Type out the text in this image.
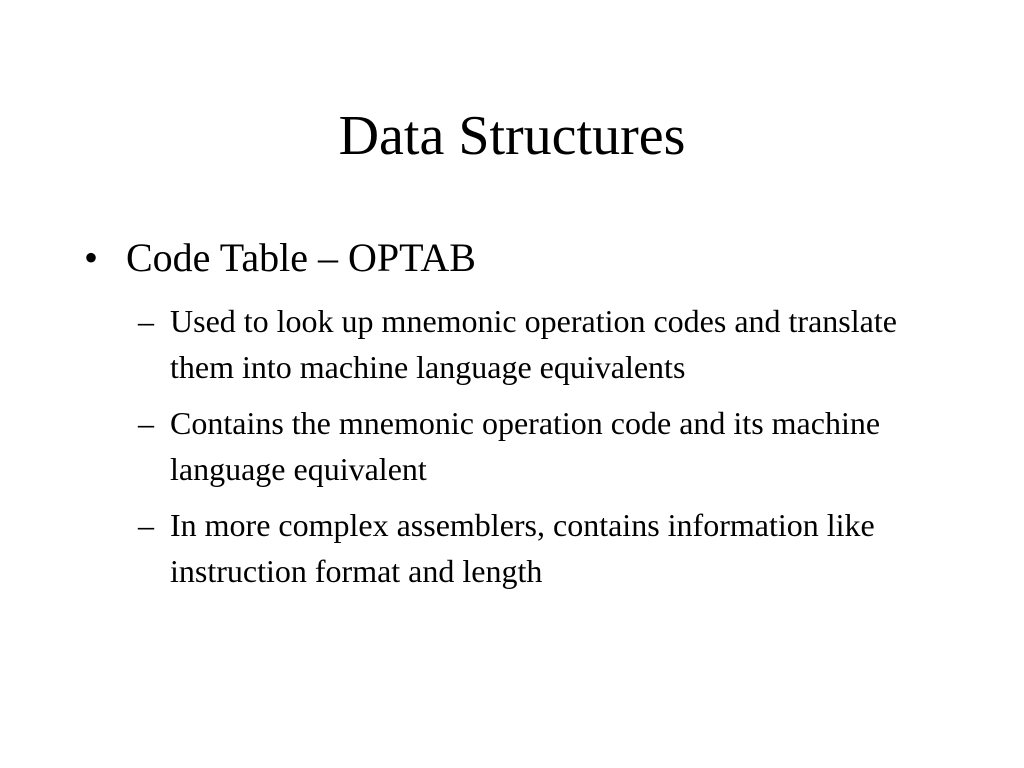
Data Structures
• Code Table – OPTAB
– Used to look up mnemonic operation codes and translate them into machine language equivalents
– Contains the mnemonic operation code and its machine language equivalent
– In more complex assemblers, contains information like instruction format and length
